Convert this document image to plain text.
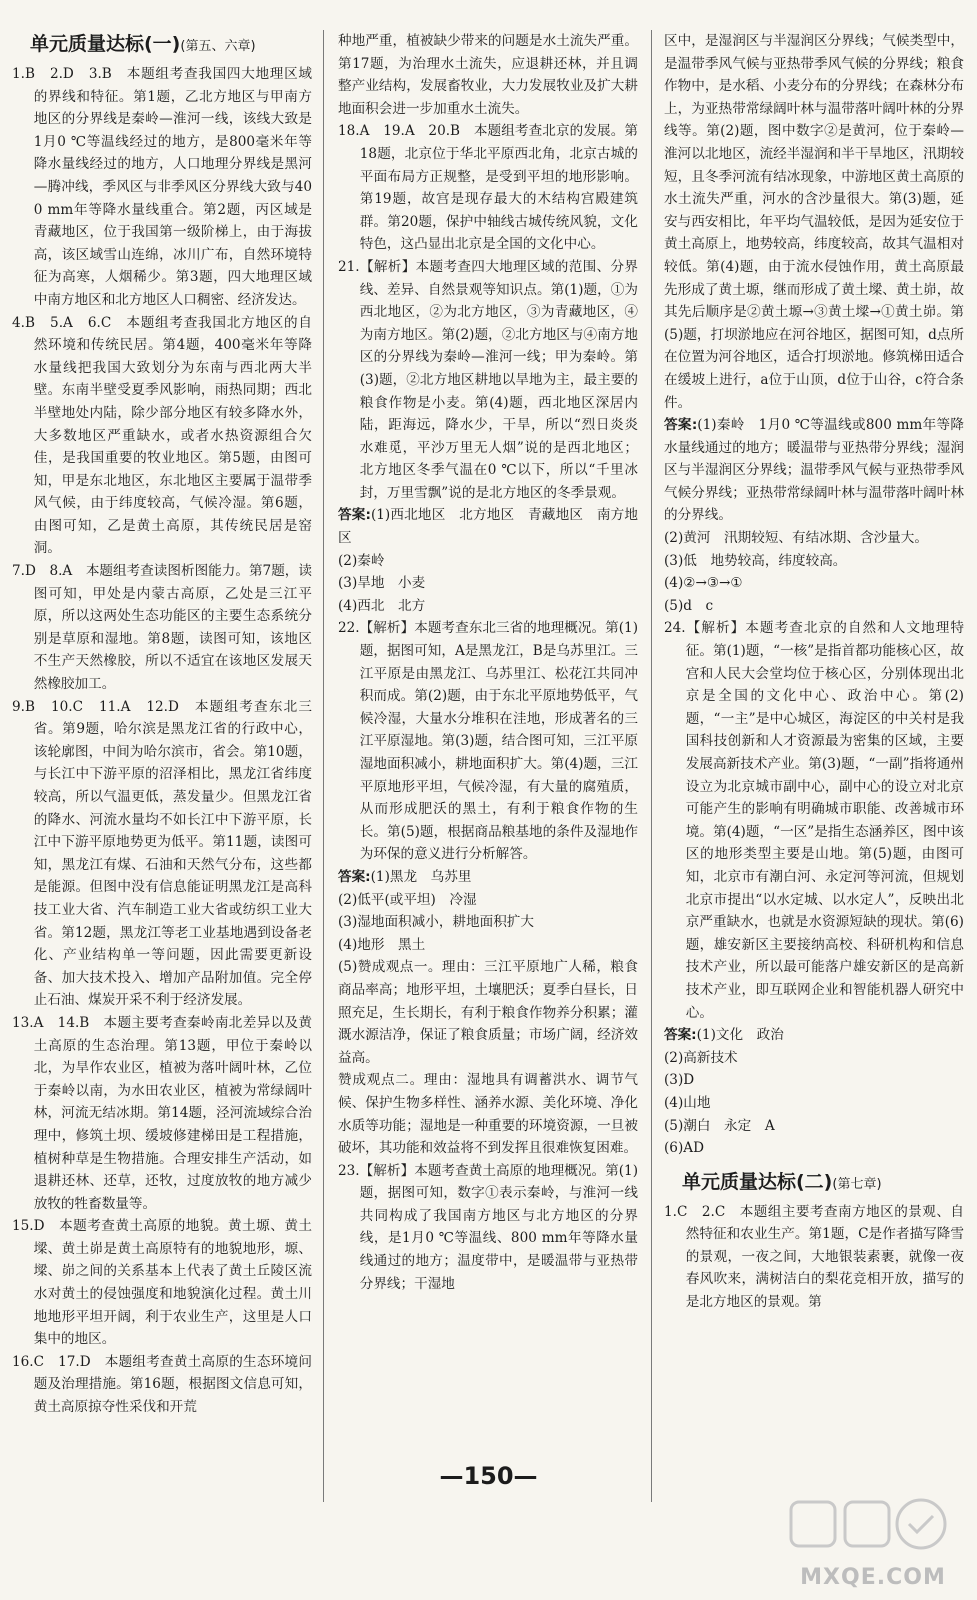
单元质量达标(一)(第五、六章)

1.B　2.D　3.B　本题组考查我国四大地理区域的界线和特征。第1题，乙北方地区与甲南方地区的分界线是秦岭—淮河一线，该线大致是1月0 ℃等温线经过的地方，是800毫米年等降水量线经过的地方，人口地理分界线是黑河—腾冲线，季风区与非季风区分界线大致与400 mm年等降水量线重合。第2题，丙区域是青藏地区，位于我国第一级阶梯上，由于海拔高，该区域雪山连绵，冰川广布，自然环境特征为高寒，人烟稀少。第3题，四大地理区域中南方地区和北方地区人口稠密、经济发达。

4.B　5.A　6.C　本题组考查我国北方地区的自然环境和传统民居。第4题，400毫米年等降水量线把我国大致划分为东南与西北两大半壁。东南半壁受夏季风影响，雨热同期；西北半壁地处内陆，除少部分地区有较多降水外，大多数地区严重缺水，或者水热资源组合欠佳，是我国重要的牧业地区。第5题，由图可知，甲是东北地区，东北地区主要属于温带季风气候，由于纬度较高，气候冷湿。第6题，由图可知，乙是黄土高原，其传统民居是窑洞。

7.D　8.A　本题组考查读图析图能力。第7题，读图可知，甲处是内蒙古高原，乙处是三江平原，所以这两处生态功能区的主要生态系统分别是草原和湿地。第8题，读图可知，该地区不生产天然橡胶，所以不适宜在该地区发展天然橡胶加工。

9.B　10.C　11.A　12.D　本题组考查东北三省。第9题，哈尔滨是黑龙江省的行政中心，该轮廓图，中间为哈尔滨市，省会。第10题，与长江中下游平原的沼泽相比，黑龙江省纬度较高，所以气温更低，蒸发量少。但黑龙江省的降水、河流水量均不如长江中下游平原，长江中下游平原地势更为低平。第11题，读图可知，黑龙江有煤、石油和天然气分布，这些都是能源。但图中没有信息能证明黑龙江是高科技工业大省、汽车制造工业大省或纺织工业大省。第12题，黑龙江等老工业基地遇到设备老化、产业结构单一等问题，因此需要更新设备、加大技术投入、增加产品附加值。完全停止石油、煤炭开采不利于经济发展。

13.A　14.B　本题主要考查秦岭南北差异以及黄土高原的生态治理。第13题，甲位于秦岭以北，为旱作农业区，植被为落叶阔叶林，乙位于秦岭以南，为水田农业区，植被为常绿阔叶林，河流无结冰期。第14题，泾河流域综合治理中，修筑土坝、缓坡修建梯田是工程措施，植树种草是生物措施。合理安排生产活动，如退耕还林、还草，还牧，过度放牧的地方减少放牧的牲畜数量等。

15.D　本题考查黄土高原的地貌。黄土塬、黄土墚、黄土峁是黄土高原特有的地貌地形，塬、墚、峁之间的关系基本上代表了黄土丘陵区流水对黄土的侵蚀强度和地貌演化过程。黄土川地地形平坦开阔，利于农业生产，这里是人口集中的地区。

16.C　17.D　本题组考查黄土高原的生态环境问题及治理措施。第16题，根据图文信息可知，黄土高原掠夺性采伐和开荒

种地严重，植被缺少带来的问题是水土流失严重。第17题，为治理水土流失，应退耕还林，并且调整产业结构，发展畜牧业，大力发展牧业及扩大耕地面积会进一步加重水土流失。

18.A　19.A　20.B　本题组考查北京的发展。第18题，北京位于华北平原西北角，北京古城的平面布局方正规整，是受到平坦的地形影响。第19题，故宫是现存最大的木结构宫殿建筑群。第20题，保护中轴线古城传统风貌，文化特色，这凸显出北京是全国的文化中心。

21.【解析】本题考查四大地理区域的范围、分界线、差异、自然景观等知识点。第(1)题，①为西北地区，②为北方地区，③为青藏地区，④为南方地区。第(2)题，②北方地区与④南方地区的分界线为秦岭—淮河一线；甲为秦岭。第(3)题，②北方地区耕地以旱地为主，最主要的粮食作物是小麦。第(4)题，西北地区深居内陆，距海远，降水少，干旱，所以“烈日炎炎水难觅，平沙万里无人烟”说的是西北地区；北方地区冬季气温在0 ℃以下，所以“千里冰封，万里雪飘”说的是北方地区的冬季景观。

答案:(1)西北地区　北方地区　青藏地区　南方地区

(2)秦岭

(3)旱地　小麦

(4)西北　北方

22.【解析】本题考查东北三省的地理概况。第(1)题，据图可知，A是黑龙江，B是乌苏里江。三江平原是由黑龙江、乌苏里江、松花江共同冲积而成。第(2)题，由于东北平原地势低平，气候冷湿，大量水分堆积在洼地，形成著名的三江平原湿地。第(3)题，结合图可知，三江平原湿地面积减小，耕地面积扩大。第(4)题，三江平原地形平坦，气候冷湿，有大量的腐殖质，从而形成肥沃的黑土，有利于粮食作物的生长。第(5)题，根据商品粮基地的条件及湿地作为环保的意义进行分析解答。

答案:(1)黑龙　乌苏里

(2)低平(或平坦)　冷湿

(3)湿地面积减小，耕地面积扩大

(4)地形　黑土

(5)赞成观点一。理由：三江平原地广人稀，粮食商品率高；地形平坦，土壤肥沃；夏季白昼长，日照充足，生长期长，有利于粮食作物养分积累；灌溉水源洁净，保证了粮食质量；市场广阔，经济效益高。

赞成观点二。理由：湿地具有调蓄洪水、调节气候、保护生物多样性、涵养水源、美化环境、净化水质等功能；湿地是一种重要的环境资源，一旦被破坏，其功能和效益将不到发挥且很难恢复困难。

23.【解析】本题考查黄土高原的地理概况。第(1)题，据图可知，数字①表示秦岭，与淮河一线共同构成了我国南方地区与北方地区的分界线，是1月0 ℃等温线、800 mm年等降水量线通过的地方；温度带中，是暖温带与亚热带分界线；干湿地

区中，是湿润区与半湿润区分界线；气候类型中，是温带季风气候与亚热带季风气候的分界线；粮食作物中，是水稻、小麦分布的分界线；在森林分布上，为亚热带常绿阔叶林与温带落叶阔叶林的分界线等。第(2)题，图中数字②是黄河，位于秦岭—淮河以北地区，流经半湿润和半干旱地区，汛期较短，且冬季河流有结冰现象，中游地区黄土高原的水土流失严重，河水的含沙量很大。第(3)题，延安与西安相比，年平均气温较低，是因为延安位于黄土高原上，地势较高，纬度较高，故其气温相对较低。第(4)题，由于流水侵蚀作用，黄土高原最先形成了黄土塬，继而形成了黄土墚、黄土峁，故其先后顺序是②黄土塬→③黄土墚→①黄土峁。第(5)题，打坝淤地应在河谷地区，据图可知，d点所在位置为河谷地区，适合打坝淤地。修筑梯田适合在缓坡上进行，a位于山顶，d位于山谷，c符合条件。

答案:(1)秦岭　1月0 ℃等温线或800 mm年等降水量线通过的地方；暖温带与亚热带分界线；湿润区与半湿润区分界线；温带季风气候与亚热带季风气候分界线；亚热带常绿阔叶林与温带落叶阔叶林的分界线。

(2)黄河　汛期较短、有结冰期、含沙量大。

(3)低　地势较高，纬度较高。

(4)②→③→①

(5)d　c

24.【解析】本题考查北京的自然和人文地理特征。第(1)题，“一核”是指首都功能核心区，故宫和人民大会堂均位于核心区，分别体现出北京是全国的文化中心、政治中心。第(2)题，“一主”是中心城区，海淀区的中关村是我国科技创新和人才资源最为密集的区域，主要发展高新技术产业。第(3)题，“一副”指将通州设立为北京城市副中心，副中心的设立对北京可能产生的影响有明确城市职能、改善城市环境。第(4)题，“一区”是指生态涵养区，图中该区的地形类型主要是山地。第(5)题，由图可知，北京市有潮白河、永定河等河流，但规划北京市提出“以水定城、以水定人”，反映出北京严重缺水，也就是水资源短缺的现状。第(6)题，雄安新区主要接纳高校、科研机构和信息技术产业，所以最可能落户雄安新区的是高新技术产业，即互联网企业和智能机器人研究中心。

答案:(1)文化　政治

(2)高新技术

(3)D

(4)山地

(5)潮白　永定　A

(6)AD

单元质量达标(二)(第七章)

1.C　2.C　本题组主要考查南方地区的景观、自然特征和农业生产。第1题，C是作者描写降雪的景观，一夜之间，大地银装素裹，就像一夜春风吹来，满树洁白的梨花竞相开放，描写的是北方地区的景观。第

—150—
MXQE.COM
